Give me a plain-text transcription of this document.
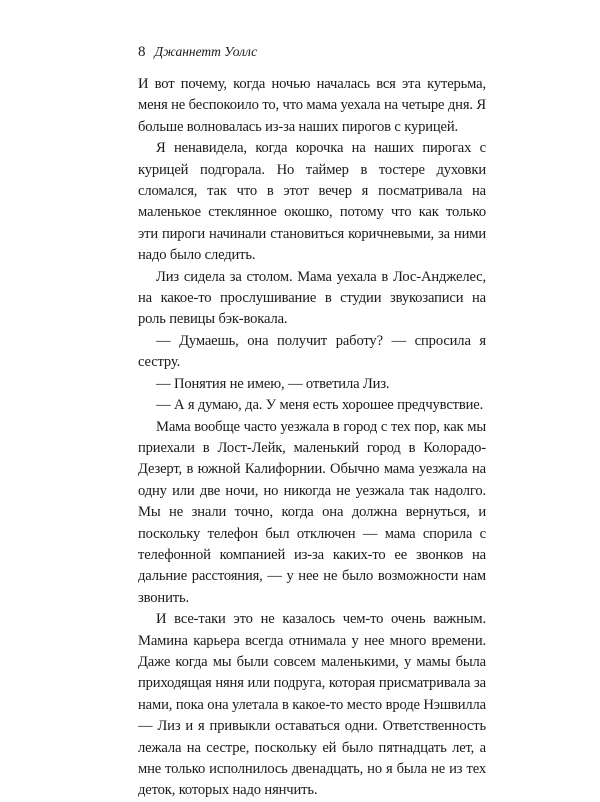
8 Джаннетт Уоллс

И вот почему, когда ночью началась вся эта кутерьма, меня не беспокоило то, что мама уехала на четыре дня. Я больше волновалась из-за наших пирогов с курицей.

Я ненавидела, когда корочка на наших пирогах с курицей подгорала. Но таймер в тостере духовки сломался, так что в этот вечер я посматривала на маленькое стеклянное окошко, потому что как только эти пироги начинали становиться коричневыми, за ними надо было следить.

Лиз сидела за столом. Мама уехала в Лос-Анджелес, на какое-то прослушивание в студии звукозаписи на роль певицы бэк-вокала.

— Думаешь, она получит работу? — спросила я сестру.

— Понятия не имею, — ответила Лиз.

— А я думаю, да. У меня есть хорошее предчувствие.

Мама вообще часто уезжала в город с тех пор, как мы приехали в Лост-Лейк, маленький город в Колорадо-Дезерт, в южной Калифорнии. Обычно мама уезжала на одну или две ночи, но никогда не уезжала так надолго. Мы не знали точно, когда она должна вернуться, и поскольку телефон был отключен — мама спорила с телефонной компанией из-за каких-то ее звонков на дальние расстояния, — у нее не было возможности нам звонить.

И все-таки это не казалось чем-то очень важным. Мамина карьера всегда отнимала у нее много времени. Даже когда мы были совсем маленькими, у мамы была приходящая няня или подруга, которая присматривала за нами, пока она улетала в какое-то место вроде Нэшвилла — Лиз и я привыкли оставаться одни. Ответственность лежала на сестре, поскольку ей было пятнадцать лет, а мне только исполнилось двенадцать, но я была не из тех деток, которых надо нянчить.
